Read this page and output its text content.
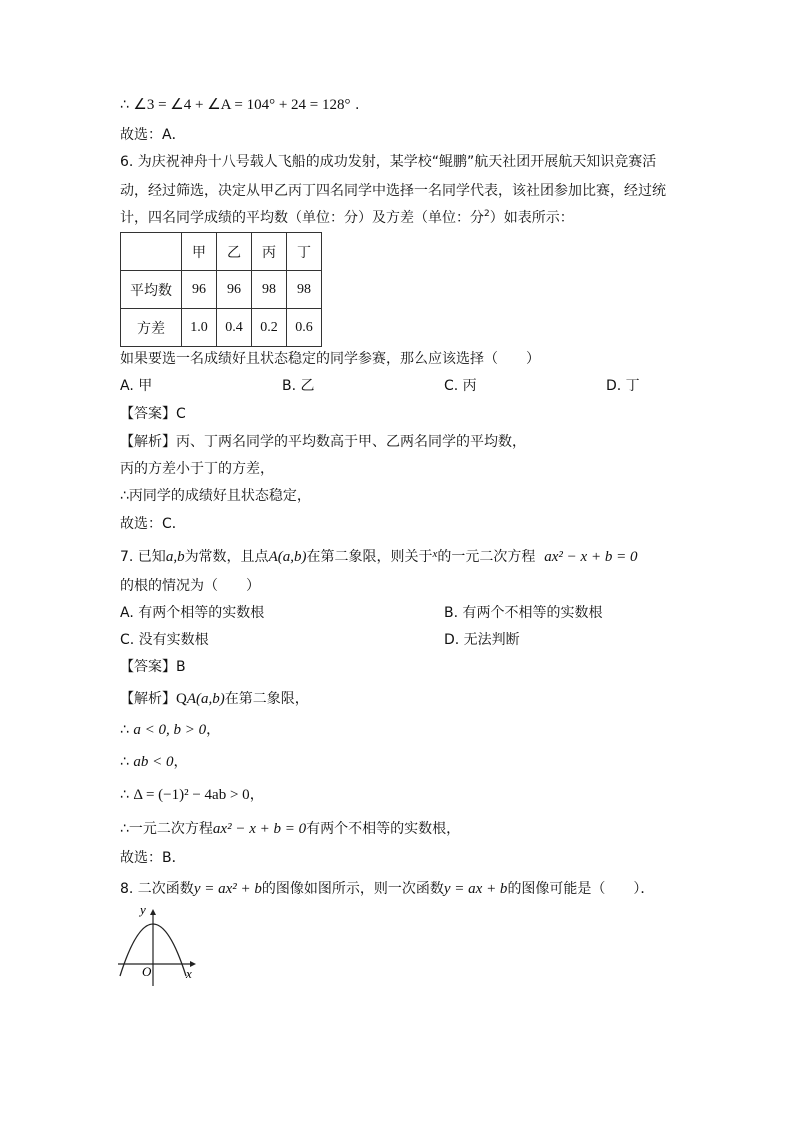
∴ ∠3 = ∠4 + ∠A = 104° + 24 = 128° .
故选：A．
6. 为庆祝神舟十八号载人飞船的成功发射，某学校“鲲鹏”航天社团开展航天知识竞赛活
动，经过筛选，决定从甲乙丙丁四名同学中选择一名同学代表，该社团参加比赛，经过统
计，四名同学成绩的平均数（单位：分）及方差（单位：分$^2$）如表所示：
	甲	乙	丙	丁
平均数	96	96	98	98
方差	1.0	0.4	0.2	0.6
如果要选一名成绩好且状态稳定的同学参赛，那么应该选择（　　）
A. 甲	B. 乙	C. 丙	D. 丁
【答案】C
【解析】丙、丁两名同学的平均数高于甲、乙两名同学的平均数，
丙的方差小于丁的方差，
∴丙同学的成绩好且状态稳定，
故选：C．
7. 已知a,b为常数，且点A(a,b)在第二象限，则关于$^x$的一元二次方程 ax² − x + b = 0
的根的情况为（　　）
A. 有两个相等的实数根	B. 有两个不相等的实数根
C. 没有实数根	D. 无法判断
【答案】B
【解析】QA(a,b)在第二象限，
∴ a < 0, b > 0，
∴ ab < 0，
∴ Δ = (−1)² − 4ab > 0，
∴一元二次方程ax² − x + b = 0有两个不相等的实数根，
故选：B．
8. 二次函数y = ax² + b的图像如图所示，则一次函数y = ax + b的图像可能是（　　）．
y
O	x
